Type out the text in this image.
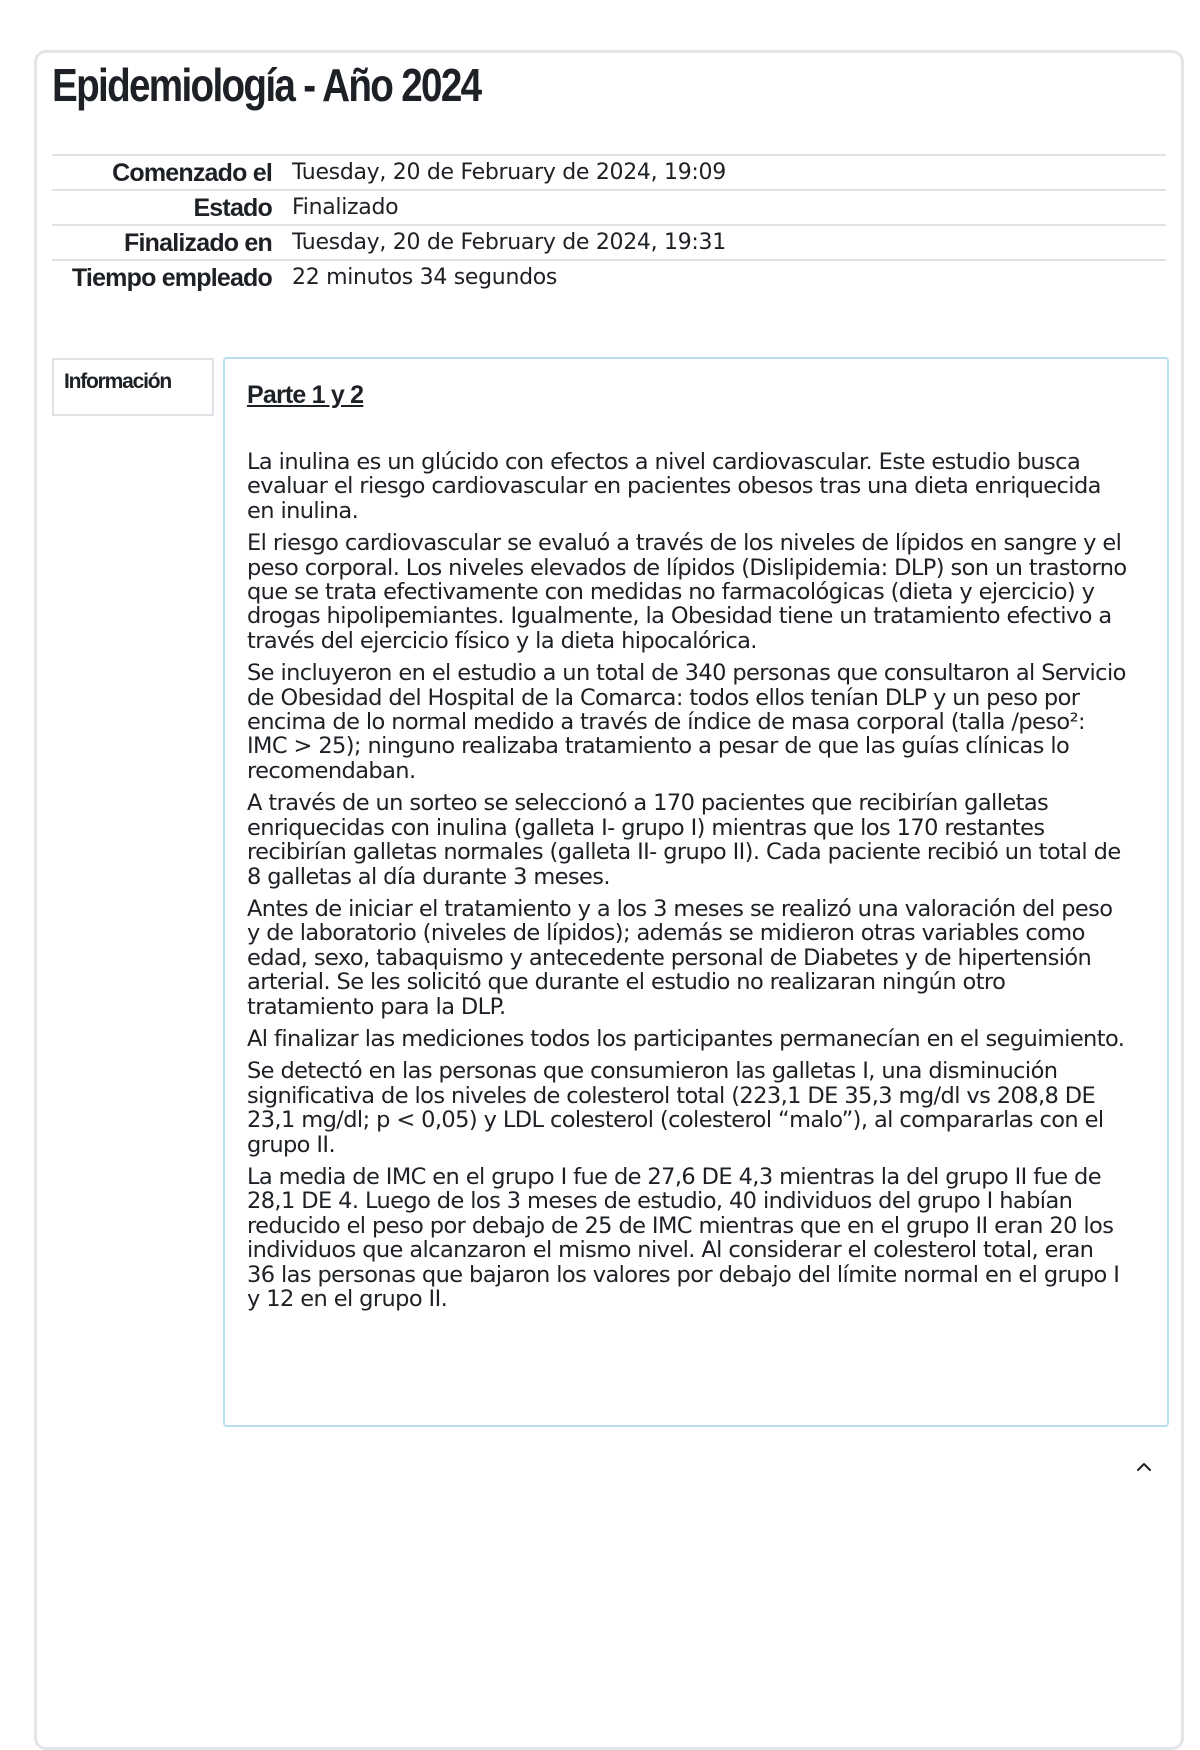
Epidemiología - Año 2024
Comenzado el Tuesday, 20 de February de 2024, 19:09
Estado Finalizado
Finalizado en Tuesday, 20 de February de 2024, 19:31
Tiempo empleado 22 minutos 34 segundos
Información	Parte 1 y 2

La inulina es un glúcido con efectos a nivel cardiovascular. Este estudio busca evaluar el riesgo cardiovascular en pacientes obesos tras una dieta enriquecida en inulina.

El riesgo cardiovascular se evaluó a través de los niveles de lípidos en sangre y el peso corporal. Los niveles elevados de lípidos (Dislipidemia: DLP) son un trastorno que se trata efectivamente con medidas no farmacológicas (dieta y ejercicio) y drogas hipolipemiantes. Igualmente, la Obesidad tiene un tratamiento efectivo a través del ejercicio físico y la dieta hipocalórica.

Se incluyeron en el estudio a un total de 340 personas que consultaron al Servicio de Obesidad del Hospital de la Comarca: todos ellos tenían DLP y un peso por encima de lo normal medido a través de índice de masa corporal (talla /peso²: IMC > 25); ninguno realizaba tratamiento a pesar de que las guías clínicas lo recomendaban.

A través de un sorteo se seleccionó a 170 pacientes que recibirían galletas enriquecidas con inulina (galleta I- grupo I) mientras que los 170 restantes recibirían galletas normales (galleta II- grupo II). Cada paciente recibió un total de 8 galletas al día durante 3 meses.

Antes de iniciar el tratamiento y a los 3 meses se realizó una valoración del peso y de laboratorio (niveles de lípidos); además se midieron otras variables como edad, sexo, tabaquismo y antecedente personal de Diabetes y de hipertensión arterial. Se les solicitó que durante el estudio no realizaran ningún otro tratamiento para la DLP.

Al finalizar las mediciones todos los participantes permanecían en el seguimiento.

Se detectó en las personas que consumieron las galletas I, una disminución significativa de los niveles de colesterol total (223,1 DE 35,3 mg/dl vs 208,8 DE 23,1 mg/dl; p < 0,05) y LDL colesterol (colesterol “malo”), al compararlas con el grupo II.

La media de IMC en el grupo I fue de 27,6 DE 4,3 mientras la del grupo II fue de 28,1 DE 4. Luego de los 3 meses de estudio, 40 individuos del grupo I habían reducido el peso por debajo de 25 de IMC mientras que en el grupo II eran 20 los individuos que alcanzaron el mismo nivel. Al considerar el colesterol total, eran 36 las personas que bajaron los valores por debajo del límite normal en el grupo I y 12 en el grupo II.
